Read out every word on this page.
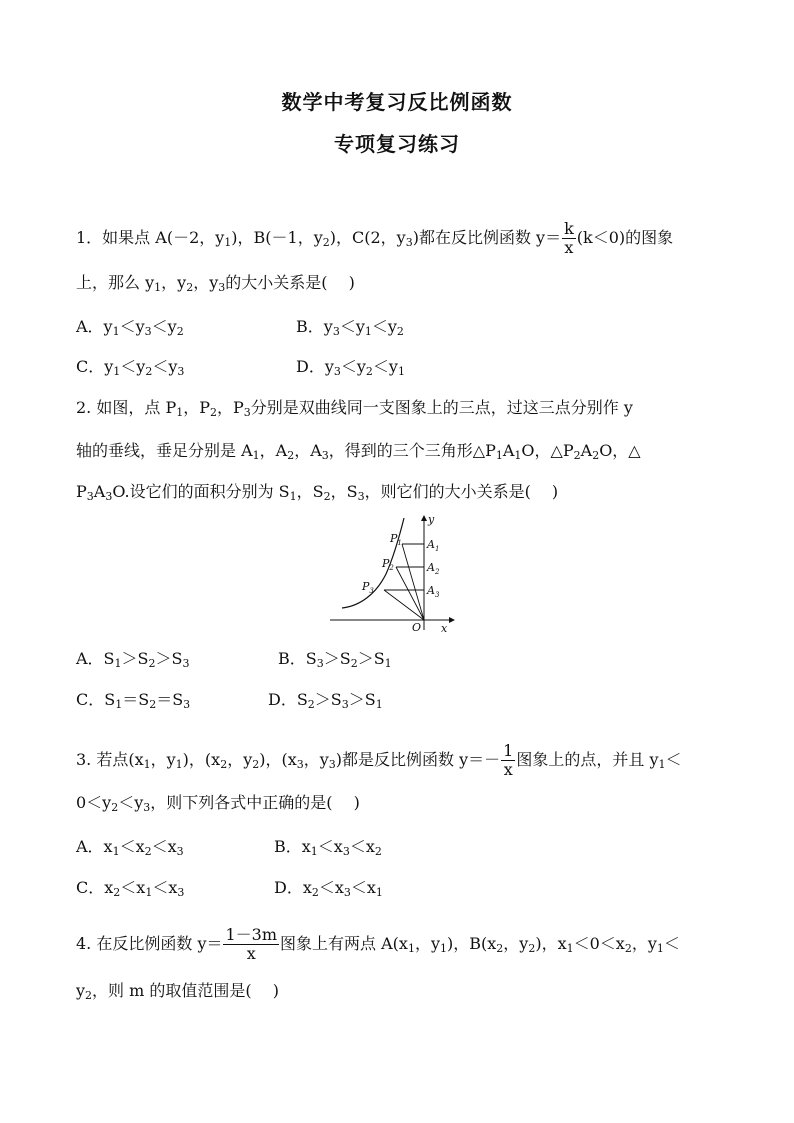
数学中考复习反比例函数
专项复习练习
1．如果点 A(－2，$y_1$)，B(－1，$y_2$)，C(2，$y_3$)都在反比例函数 $y= \frac{k}{x} (k<0)$的图象
上，那么 $y_1$，$y_2$，$y_3$的大小关系是(　 )
A．$y_1<y_3<y_2$	B．$y_3<y_1<y_2$
C．$y_1<y_2<y_3$	D．$y_3<y_2<y_1$
2. 如图，点 $P_1$，$P_2$，$P_3$分别是双曲线同一支图象上的三点，过这三点分别作 y
轴的垂线，垂足分别是 $A_1$，$A_2$，$A_3$，得到的三个三角形$\triangle P_1A_1O$，$\triangle P_2A_2O$，△
$P_3A_3O$.设它们的面积分别为 $S_1$，$S_2$，$S_3$，则它们的大小关系是(　 )
$P_1$
$P_2$
$P_3$
$A_1$
$A_2$
$A_3$
O x
y
A．$S_1>S_2>S_3$	B．$S_3>S_2>S_1$
C．$S_1=S_2=S_3$	D．$S_2>S_3>S_1$
3. 若点($x_1$，$y_1$)，($x_2$，$y_2$)，($x_3$，$y_3$)都是反比例函数 $y=- \frac{1}{x}$ 图象上的点，并且 $y_1<$
$0<y_2<y_3$，则下列各式中正确的是(　 )
A．$x_1<x_2<x_3$	B．$x_1<x_3<x_2$
C．$x_2<x_1<x_3$	D．$x_2<x_3<x_1$
4. 在反比例函数 $y= \frac{1-3m}{x}$ 图象上有两点 $A(x_1$，$y_1$)，$B(x_2$，$y_2$)，$x_1<0<x_2$，$y_1<$
$y_2$，则 m 的取值范围是(　 )
